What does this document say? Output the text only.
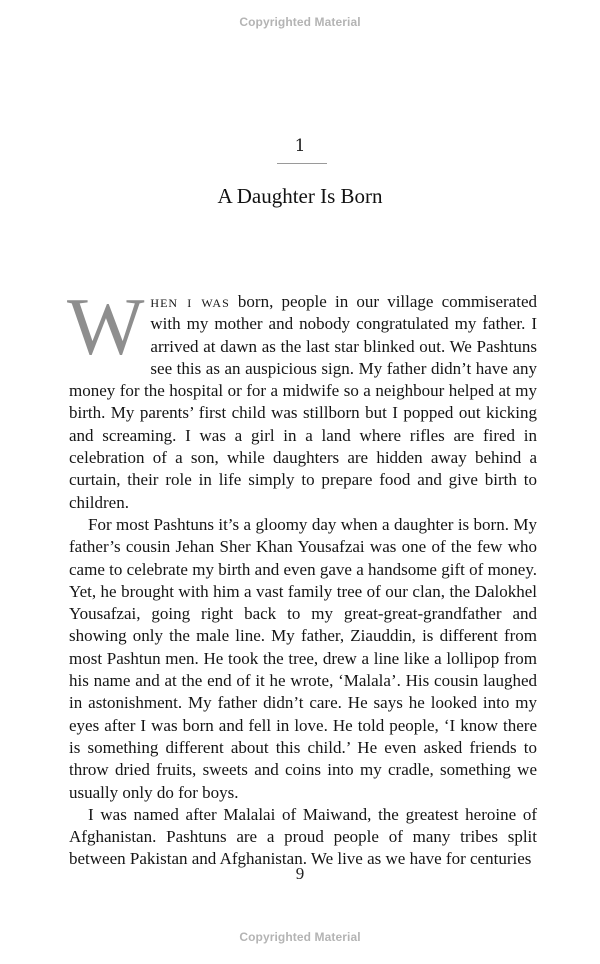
Copyrighted Material
1
A Daughter Is Born

When i was born, people in our village commiserated with my mother and nobody congratulated my father. I arrived at dawn as the last star blinked out. We Pashtuns see this as an auspicious sign. My father didn’t have any money for the hospital or for a midwife so a neighbour helped at my birth. My parents’ first child was stillborn but I popped out kicking and screaming. I was a girl in a land where rifles are fired in celebration of a son, while daughters are hidden away behind a curtain, their role in life simply to prepare food and give birth to children.

For most Pashtuns it’s a gloomy day when a daughter is born. My father’s cousin Jehan Sher Khan Yousafzai was one of the few who came to celebrate my birth and even gave a handsome gift of money. Yet, he brought with him a vast family tree of our clan, the Dalokhel Yousafzai, going right back to my great-great-grandfather and showing only the male line. My father, Ziauddin, is different from most Pashtun men. He took the tree, drew a line like a lollipop from his name and at the end of it he wrote, ‘Malala’. His cousin laughed in astonishment. My father didn’t care. He says he looked into my eyes after I was born and fell in love. He told people, ‘I know there is something different about this child.’ He even asked friends to throw dried fruits, sweets and coins into my cradle, something we usually only do for boys.

I was named after Malalai of Maiwand, the greatest heroine of Afghanistan. Pashtuns are a proud people of many tribes split between Pakistan and Afghanistan. We live as we have for centuries

9
Copyrighted Material
